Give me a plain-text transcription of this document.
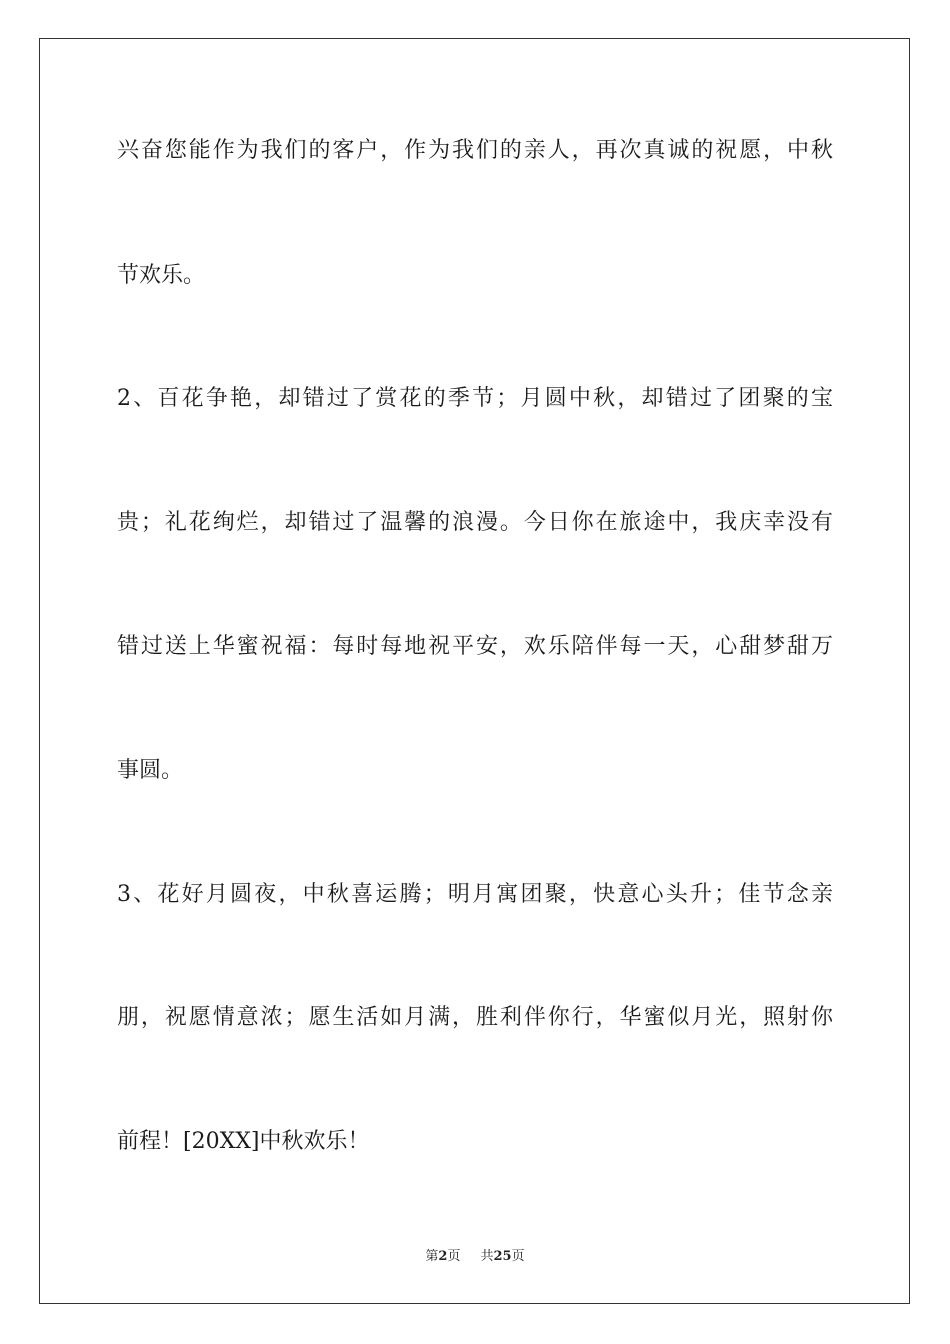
兴奋您能作为我们的客户，作为我们的亲人，再次真诚的祝愿，中秋
节欢乐。
2、百花争艳，却错过了赏花的季节；月圆中秋，却错过了团聚的宝
贵；礼花绚烂，却错过了温馨的浪漫。今日你在旅途中，我庆幸没有
错过送上华蜜祝福：每时每地祝平安，欢乐陪伴每一天，心甜梦甜万
事圆。
3、花好月圆夜，中秋喜运腾；明月寓团聚，快意心头升；佳节念亲
朋，祝愿情意浓；愿生活如月满，胜利伴你行，华蜜似月光，照射你
前程！[20XX]中秋欢乐！
第2页 共25页
